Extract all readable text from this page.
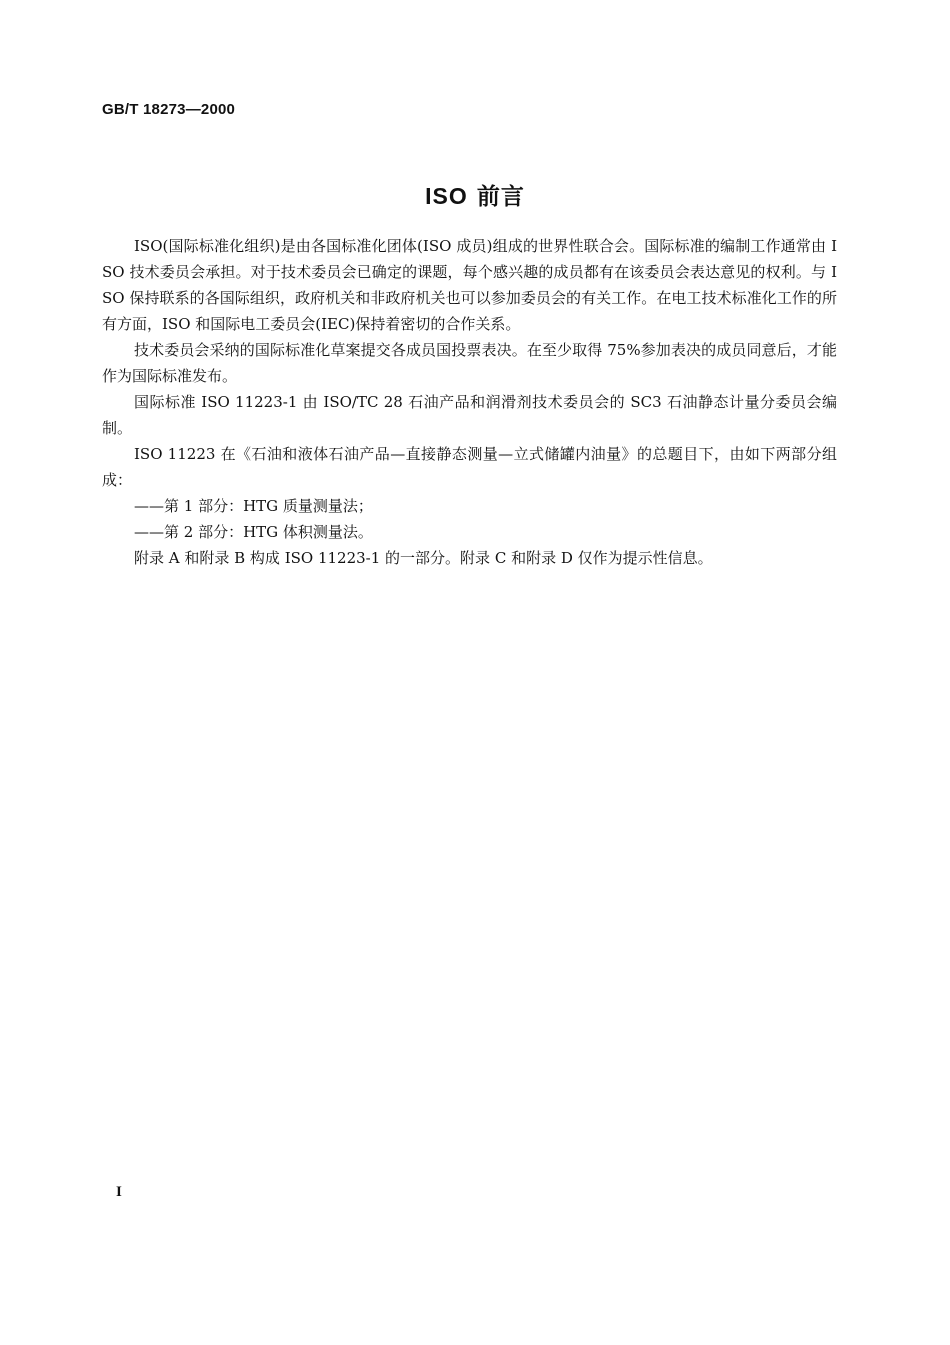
GB/T 18273—2000
ISO 前言

ISO(国际标准化组织)是由各国标准化团体(ISO 成员)组成的世界性联合会。国际标准的编制工作通常由 ISO 技术委员会承担。对于技术委员会已确定的课题，每个感兴趣的成员都有在该委员会表达意见的权利。与 ISO 保持联系的各国际组织，政府机关和非政府机关也可以参加委员会的有关工作。在电工技术标准化工作的所有方面，ISO 和国际电工委员会(IEC)保持着密切的合作关系。

技术委员会采纳的国际标准化草案提交各成员国投票表决。在至少取得 75%参加表决的成员同意后，才能作为国际标准发布。

国际标准 ISO 11223-1 由 ISO/TC 28 石油产品和润滑剂技术委员会的 SC3 石油静态计量分委员会编制。

ISO 11223 在《石油和液体石油产品—直接静态测量—立式储罐内油量》的总题目下，由如下两部分组成：

——第 1 部分：HTG 质量测量法；

——第 2 部分：HTG 体积测量法。

附录 A 和附录 B 构成 ISO 11223-1 的一部分。附录 C 和附录 D 仅作为提示性信息。

I
